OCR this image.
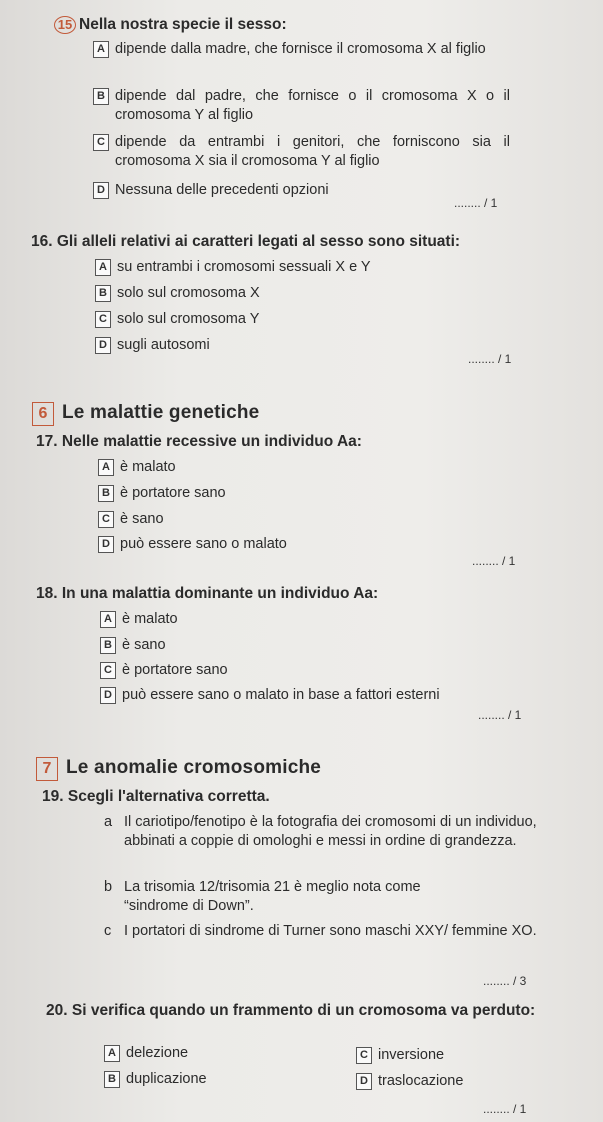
15 Nella nostra specie il sesso:
A dipende dalla madre, che fornisce il cromosoma X al figlio
B dipende dal padre, che fornisce o il cromosoma X o il cromosoma Y al figlio
C dipende da entrambi i genitori, che forniscono sia il cromosoma X sia il cromosoma Y al figlio
D Nessuna delle precedenti opzioni
........ / 1
16. Gli alleli relativi ai caratteri legati al sesso sono situati:
A su entrambi i cromosomi sessuali X e Y
B solo sul cromosoma X
C solo sul cromosoma Y
D sugli autosomi
........ / 1
6 Le malattie genetiche
17. Nelle malattie recessive un individuo Aa:
A è malato
B è portatore sano
C è sano
D può essere sano o malato
........ / 1
18. In una malattia dominante un individuo Aa:
A è malato
B è sano
C è portatore sano
D può essere sano o malato in base a fattori esterni
........ / 1
7 Le anomalie cromosomiche
19. Scegli l'alternativa corretta.
a Il cariotipo/fenotipo è la fotografia dei cromosomi di un individuo, abbinati a coppie di omologhi e messi in ordine di grandezza.
b La trisomia 12/trisomia 21 è meglio nota come “sindrome di Down”.
c I portatori di sindrome di Turner sono maschi XXY/ femmine XO.
........ / 3
20. Si verifica quando un frammento di un cromosoma va perduto:
A delezione
B duplicazione
C inversione
D traslocazione
........ / 1
